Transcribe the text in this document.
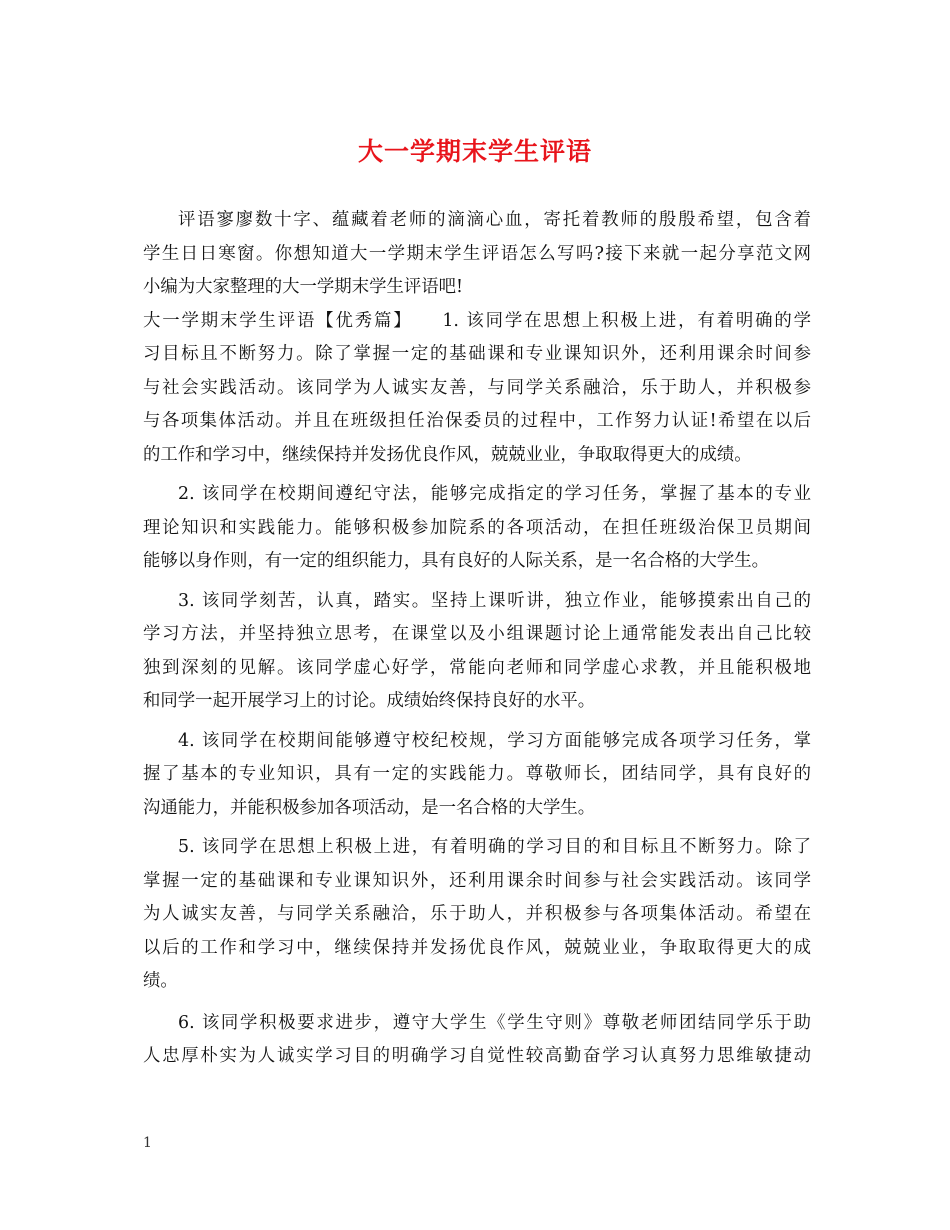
大一学期末学生评语
评语寥廖数十字、蕴藏着老师的滴滴心血，寄托着教师的殷殷希望，包含着
学生日日寒窗。你想知道大一学期末学生评语怎么写吗?接下来就一起分享范文网
小编为大家整理的大一学期末学生评语吧!
大一学期末学生评语【优秀篇】　　1. 该同学在思想上积极上进，有着明确的学
习目标且不断努力。除了掌握一定的基础课和专业课知识外，还利用课余时间参
与社会实践活动。该同学为人诚实友善，与同学关系融洽，乐于助人，并积极参
与各项集体活动。并且在班级担任治保委员的过程中，工作努力认证!希望在以后
的工作和学习中，继续保持并发扬优良作风，兢兢业业，争取取得更大的成绩。
2. 该同学在校期间遵纪守法，能够完成指定的学习任务，掌握了基本的专业
理论知识和实践能力。能够积极参加院系的各项活动，在担任班级治保卫员期间
能够以身作则，有一定的组织能力，具有良好的人际关系，是一名合格的大学生。
3. 该同学刻苦，认真，踏实。坚持上课听讲，独立作业，能够摸索出自己的
学习方法，并坚持独立思考，在课堂以及小组课题讨论上通常能发表出自己比较
独到深刻的见解。该同学虚心好学，常能向老师和同学虚心求教，并且能积极地
和同学一起开展学习上的讨论。成绩始终保持良好的水平。
4. 该同学在校期间能够遵守校纪校规，学习方面能够完成各项学习任务，掌
握了基本的专业知识，具有一定的实践能力。尊敬师长，团结同学，具有良好的
沟通能力，并能积极参加各项活动，是一名合格的大学生。
5. 该同学在思想上积极上进，有着明确的学习目的和目标且不断努力。除了
掌握一定的基础课和专业课知识外，还利用课余时间参与社会实践活动。该同学
为人诚实友善，与同学关系融洽，乐于助人，并积极参与各项集体活动。希望在
以后的工作和学习中，继续保持并发扬优良作风，兢兢业业，争取取得更大的成
绩。
6. 该同学积极要求进步，遵守大学生《学生守则》尊敬老师团结同学乐于助
人忠厚朴实为人诚实学习目的明确学习自觉性较高勤奋学习认真努力思维敏捷动
1
